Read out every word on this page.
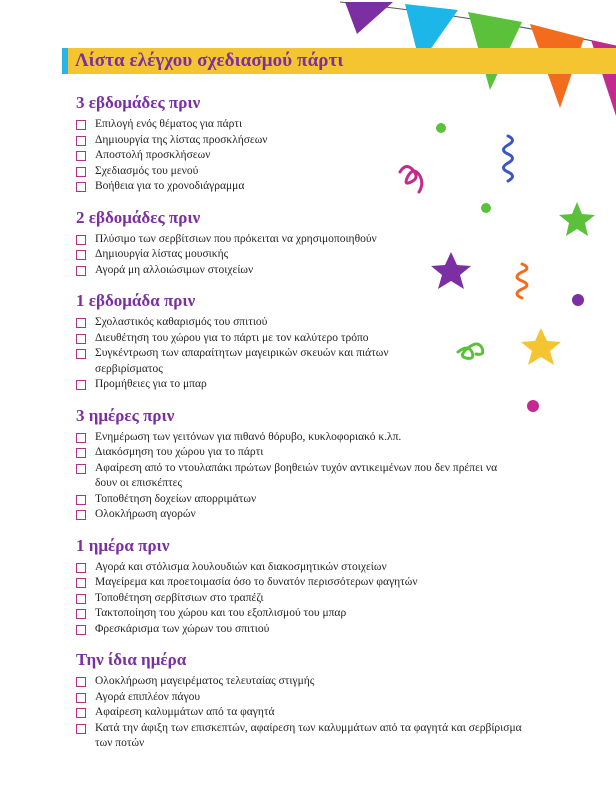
Λίστα ελέγχου σχεδιασμού πάρτι
3 εβδομάδες πριν
Επιλογή ενός θέματος για πάρτι
Δημιουργία της λίστας προσκλήσεων
Αποστολή προσκλήσεων
Σχεδιασμός του μενού
Βοήθεια για το χρονοδιάγραμμα
2 εβδομάδες πριν
Πλύσιμο των σερβίτσιων που πρόκειται να χρησιμοποιηθούν
Δημιουργία λίστας μουσικής
Αγορά μη αλλοιώσιμων στοιχείων
1 εβδομάδα πριν
Σχολαστικός καθαρισμός του σπιτιού
Διευθέτηση του χώρου για το πάρτι με τον καλύτερο τρόπο
Συγκέντρωση των απαραίτητων μαγειρικών σκευών και πιάτων σερβιρίσματος
Προμήθειες για το μπαρ
3 ημέρες πριν
Ενημέρωση των γειτόνων για πιθανό θόρυβο, κυκλοφοριακό κ.λπ.
Διακόσμηση του χώρου για το πάρτι
Αφαίρεση από το ντουλαπάκι πρώτων βοηθειών τυχόν αντικειμένων που δεν πρέπει να δουν οι επισκέπτες
Τοποθέτηση δοχείων απορριμάτων
Ολοκλήρωση αγορών
1 ημέρα πριν
Αγορά και στόλισμα λουλουδιών και διακοσμητικών στοιχείων
Μαγείρεμα και προετοιμασία όσο το δυνατόν περισσότερων φαγητών
Τοποθέτηση σερβίτσιων στο τραπέζι
Τακτοποίηση του χώρου και του εξοπλισμού του μπαρ
Φρεσκάρισμα των χώρων του σπιτιού
Την ίδια ημέρα
Ολοκλήρωση μαγειρέματος τελευταίας στιγμής
Αγορά επιπλέον πάγου
Αφαίρεση καλυμμάτων από τα φαγητά
Κατά την άφιξη των επισκεπτών, αφαίρεση των καλυμμάτων από τα φαγητά και σερβίρισμα των ποτών
